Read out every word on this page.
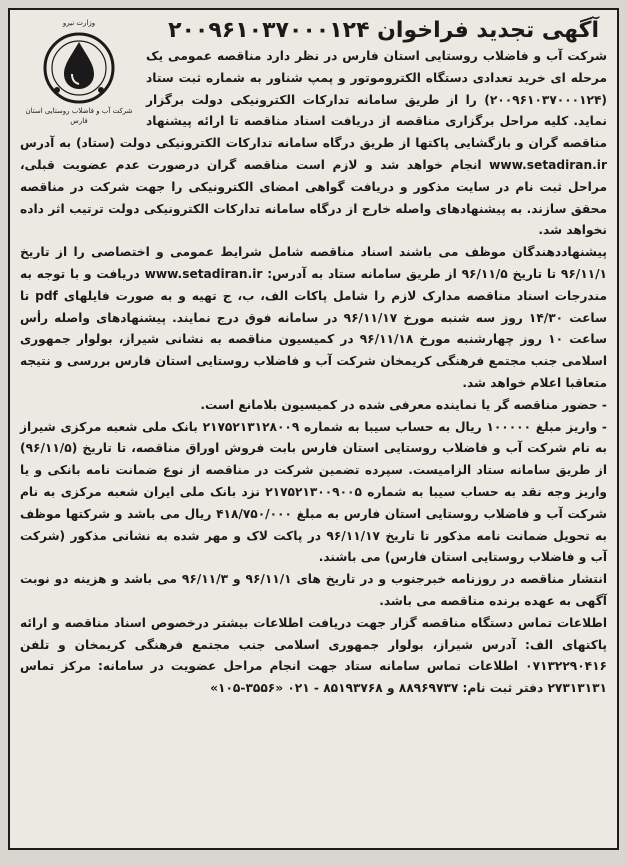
وزارت نیرو
شرکت آب و فاضلاب روستایی استان فارس
آگهی تجدید فراخوان ۲۰۰۹۶۱۰۳۷۰۰۰۱۲۴

شرکت آب و فاضلاب روستایی استان فارس در نظر دارد مناقصه عمومی یک مرحله ای خرید تعدادی دستگاه الکتروموتور و پمپ شناور به شماره ثبت ستاد (۲۰۰۹۶۱۰۳۷۰۰۰۱۲۴) را از طریق سامانه تدارکات الکترونیکی دولت برگزار نماید. کلیه مراحل برگزاری مناقصه از دریافت اسناد مناقصه تا ارائه پیشنهاد مناقصه گران و بازگشایی پاکتها از طریق درگاه سامانه تدارکات الکترونیکی دولت (ستاد) به آدرس www.setadiran.ir انجام خواهد شد و لازم است مناقصه گران درصورت عدم عضویت قبلی، مراحل ثبت نام در سایت مذکور و دریافت گواهی امضای الکترونیکی را جهت شرکت در مناقصه محقق سازند. به پیشنهادهای واصله خارج از درگاه سامانه تدارکات الکترونیکی دولت ترتیب اثر داده نخواهد شد.

پیشنهاددهندگان موظف می باشند اسناد مناقصه شامل شرایط عمومی و اختصاصی را از تاریخ ۹۶/۱۱/۱ تا تاریخ ۹۶/۱۱/۵ از طریق سامانه ستاد به آدرس: www.setadiran.ir دریافت و با توجه به مندرجات اسناد مناقصه مدارک لازم را شامل پاکات الف، ب، ج تهیه و به صورت فایلهای pdf تا ساعت ۱۴/۳۰ روز سه شنبه مورخ ۹۶/۱۱/۱۷ در سامانه فوق درج نمایند. پیشنهادهای واصله رأس ساعت ۱۰ روز چهارشنبه مورخ ۹۶/۱۱/۱۸ در کمیسیون مناقصه به نشانی شیراز، بولوار جمهوری اسلامی جنب مجتمع فرهنگی کریمخان شرکت آب و فاضلاب روستایی استان فارس بررسی و نتیجه متعاقبا اعلام خواهد شد.

- حضور مناقصه گر یا نماینده معرفی شده در کمیسیون بلامانع است.

- واریز مبلغ ۱۰۰۰۰۰ ریال به حساب سیبا به شماره ۲۱۷۵۲۱۳۱۲۸۰۰۹ بانک ملی شعبه مرکزی شیراز به نام شرکت آب و فاضلاب روستایی استان فارس بابت فروش اوراق مناقصه، تا تاریخ (۹۶/۱۱/۵) از طریق سامانه ستاد الزامیست. سپرده تضمین شرکت در مناقصه از نوع ضمانت نامه بانکی و یا واریز وجه نقد به حساب سیبا به شماره ۲۱۷۵۲۱۳۰۰۹۰۰۵ نزد بانک ملی ایران شعبه مرکزی به نام شرکت آب و فاضلاب روستایی استان فارس به مبلغ ۴۱۸/۷۵۰/۰۰۰ ریال می باشد و شرکتها موظف به تحویل ضمانت نامه مذکور تا تاریخ ۹۶/۱۱/۱۷ در پاکت لاک و مهر شده به نشانی مذکور (شرکت آب و فاضلاب روستایی استان فارس) می باشند.

انتشار مناقصه در روزنامه خبرجنوب و در تاریخ های ۹۶/۱۱/۱ و ۹۶/۱۱/۳ می باشد و هزینه دو نوبت آگهی به عهده برنده مناقصه می باشد.

اطلاعات تماس دستگاه مناقصه گزار جهت دریافت اطلاعات بیشتر درخصوص اسناد مناقصه و ارائه پاکتهای الف: آدرس شیراز، بولوار جمهوری اسلامی جنب مجتمع فرهنگی کریمخان و تلفن ۰۷۱۳۲۲۹۰۴۱۶ اطلاعات تماس سامانه ستاد جهت انجام مراحل عضویت در سامانه: مرکز تماس ۲۷۳۱۳۱۳۱ دفتر ثبت نام: ۸۸۹۶۹۷۳۷ و ۸۵۱۹۳۷۶۸ - ۰۲۱ «۳۵۵۶-۱۰۵»
